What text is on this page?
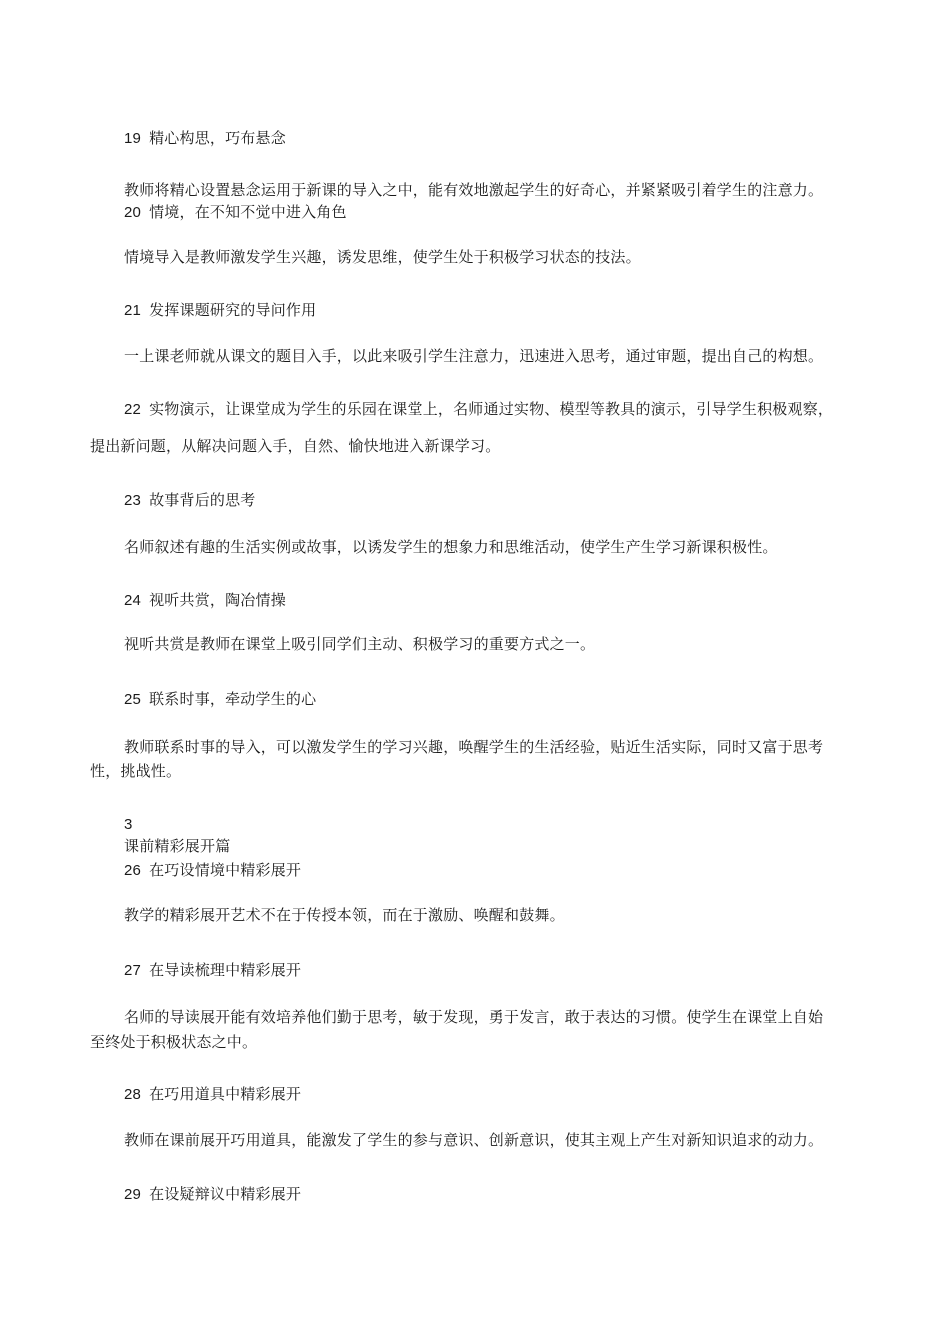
19 精心构思，巧布悬念
教师将精心设置悬念运用于新课的导入之中，能有效地激起学生的好奇心，并紧紧吸引着学生的注意力。
20 情境，在不知不觉中进入角色
情境导入是教师激发学生兴趣，诱发思维，使学生处于积极学习状态的技法。
21 发挥课题研究的导问作用
一上课老师就从课文的题目入手，以此来吸引学生注意力，迅速进入思考，通过审题，提出自己的构想。
22 实物演示，让课堂成为学生的乐园在课堂上，名师通过实物、模型等教具的演示，引导学生积极观察，
提出新问题，从解决问题入手，自然、愉快地进入新课学习。
23 故事背后的思考
名师叙述有趣的生活实例或故事，以诱发学生的想象力和思维活动，使学生产生学习新课积极性。
24 视听共赏，陶冶情操
视听共赏是教师在课堂上吸引同学们主动、积极学习的重要方式之一。
25 联系时事，牵动学生的心
教师联系时事的导入，可以激发学生的学习兴趣，唤醒学生的生活经验，贴近生活实际，同时又富于思考
性，挑战性。
3
课前精彩展开篇
26 在巧设情境中精彩展开
教学的精彩展开艺术不在于传授本领，而在于激励、唤醒和鼓舞。
27 在导读梳理中精彩展开
名师的导读展开能有效培养他们勤于思考，敏于发现，勇于发言，敢于表达的习惯。使学生在课堂上自始
至终处于积极状态之中。
28 在巧用道具中精彩展开
教师在课前展开巧用道具，能激发了学生的参与意识、创新意识，使其主观上产生对新知识追求的动力。
29 在设疑辩议中精彩展开
